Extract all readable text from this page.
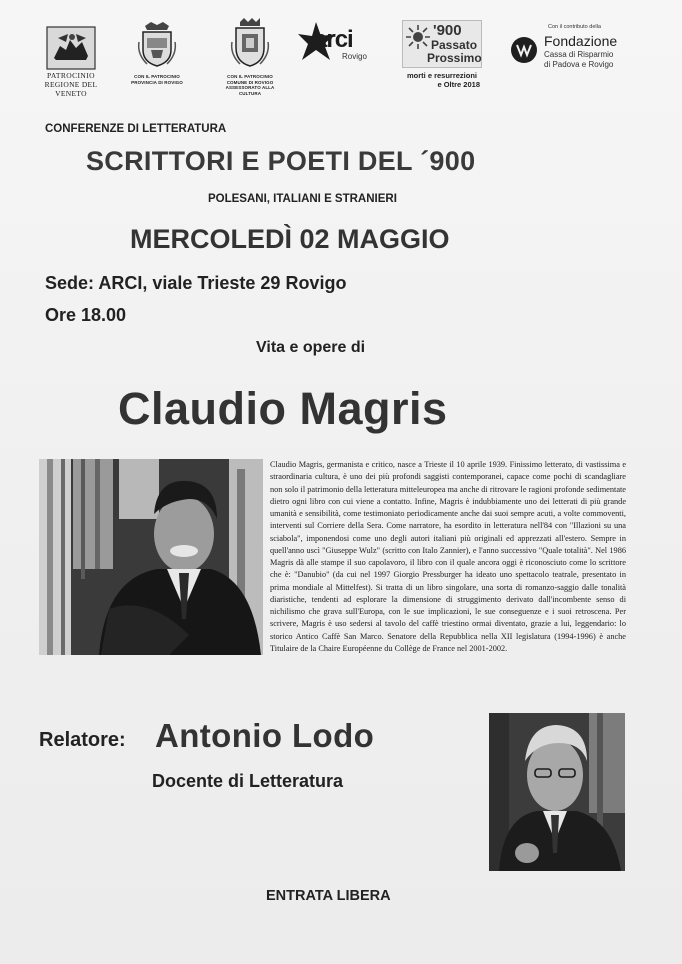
PATROCINIO
REGIONE DEL VENETO
CON IL PATROCINIO
PROVINCIA DI ROVIGO
CON IL PATROCINIO
COMUNE DI ROVIGO
ASSESSORATO ALLA CULTURA
arci
Rovigo
'900
Passato
Prossimo
morti e resurrezioni
e Oltre 2018
Con il contributo della
Fondazione
Cassa di Risparmio
di Padova e Rovigo
CONFERENZE DI LETTERATURA
SCRITTORI E POETI DEL ´900
POLESANI, ITALIANI E STRANIERI
MERCOLEDÌ 02 MAGGIO
Sede: ARCI, viale Trieste 29 Rovigo
Ore 18.00
Vita e opere di
Claudio Magris
Claudio Magris, germanista e critico, nasce a Trieste il 10 aprile 1939. Finissimo letterato, di vastissima e straordinaria cultura, è uno dei più profondi saggisti contemporanei, capace come pochi di scandagliare non solo il patrimonio della letteratura mitteleuropea ma anche di ritrovare le ragioni profonde sedimentate dietro ogni libro con cui viene a contatto. Infine, Magris è indubbiamente uno dei letterati di più grande umanità e sensibilità, come testimoniato periodicamente anche dai suoi sempre acuti, a volte commoventi, interventi sul Corriere della Sera. Come narratore, ha esordito in letteratura nell'84 con "Illazioni su una sciabola", imponendosi come uno degli autori italiani più originali ed apprezzati all'estero. Sempre in quell'anno uscì "Giuseppe Wulz" (scritto con Italo Zannier), e l'anno successivo "Quale totalità". Nel 1986 Magris dà alle stampe il suo capolavoro, il libro con il quale ancora oggi è riconosciuto come lo scrittore che è: "Danubio" (da cui nel 1997 Giorgio Pressburger ha ideato uno spettacolo teatrale, presentato in prima mondiale al Mittelfest). Si tratta di un libro singolare, una sorta di romanzo-saggio dalle tonalità diaristiche, tendenti ad esplorare la dimensione di struggimento derivato dall'incombente senso di nichilismo che grava sull'Europa, con le sue implicazioni, le sue conseguenze e i suoi retroscena. Per scrivere, Magris è uso sedersi al tavolo del caffè triestino ormai diventato, grazie a lui, leggendario: lo storico Antico Caffè San Marco. Senatore della Repubblica nella XII legislatura (1994-1996) è anche Titulaire de la Chaire Européenne du Collège de France nel 2001-2002.
Relatore: Antonio Lodo
Docente di Letteratura
ENTRATA LIBERA
